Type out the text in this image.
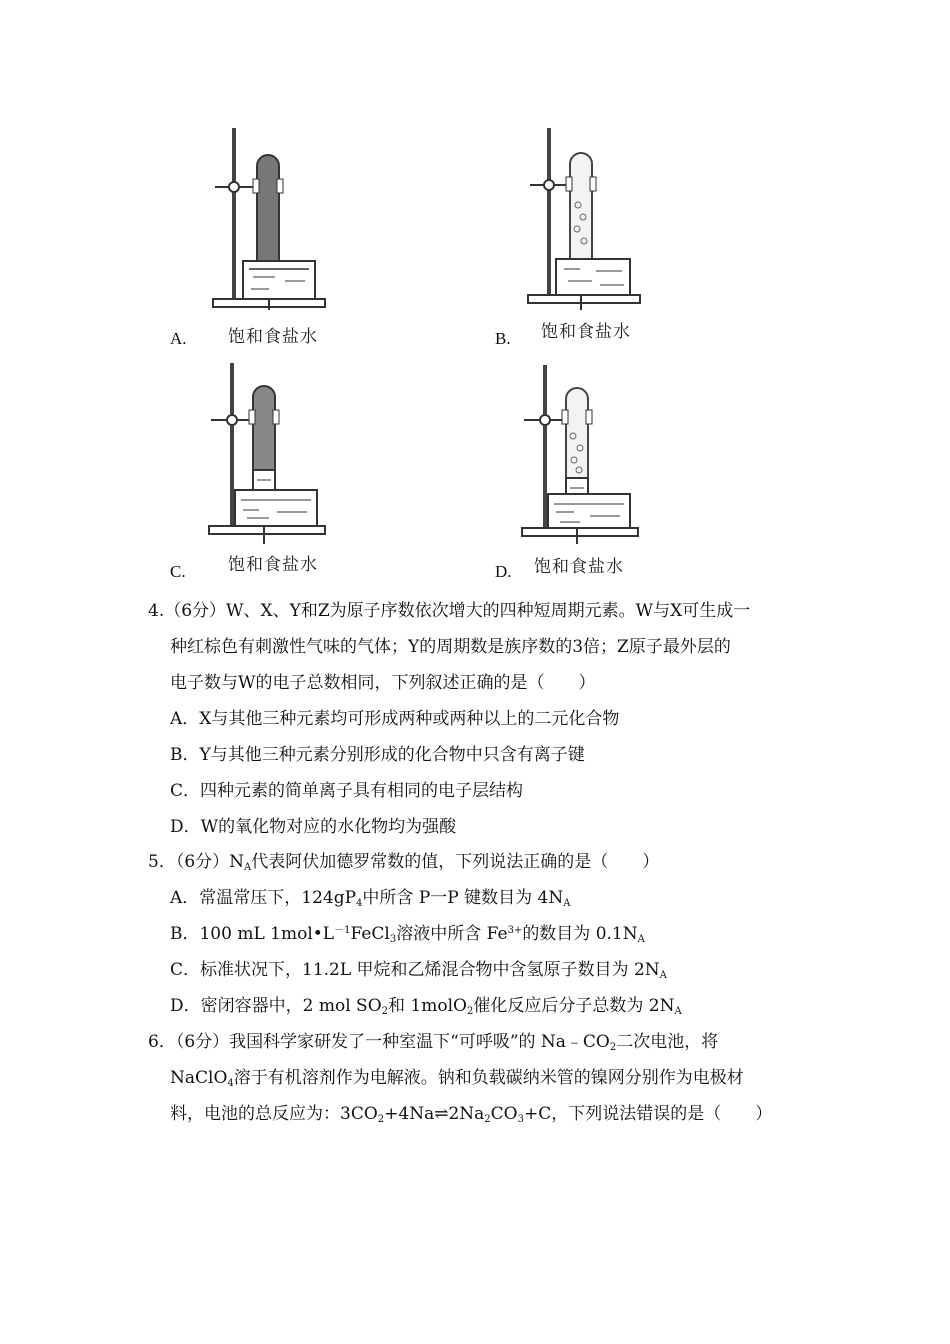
A. 饱和食盐水	B. 饱和食盐水
C. 饱和食盐水	D. 饱和食盐水
4.（6分）W、X、Y和Z为原子序数依次增大的四种短周期元素。W与X可生成一
种红棕色有刺激性气味的气体；Y的周期数是族序数的3倍；Z原子最外层的
电子数与W的电子总数相同，下列叙述正确的是（　　）
A．X与其他三种元素均可形成两种或两种以上的二元化合物
B．Y与其他三种元素分别形成的化合物中只含有离子键
C．四种元素的简单离子具有相同的电子层结构
D．W的氧化物对应的水化物均为强酸
5．（6分）$N_A$代表阿伏加德罗常数的值，下列说法正确的是（　　）
A．常温常压下，$124gP_4$中所含 P一P 键数目为 $4N_A$
B．100 mL $1mol•L^{-1}FeCl_3$溶液中所含 $Fe^{3+}$的数目为 $0.1N_A$
C．标准状况下，11.2L 甲烷和乙烯混合物中含氢原子数目为 $2N_A$
D．密闭容器中，2 mol $SO_2$和 1molO$_2$催化反应后分子总数为 $2N_A$
6．（6分）我国科学家研发了一种室温下“可呼吸”的 $Na﹣CO_2$二次电池，将
NaClO$_4$溶于有机溶剂作为电解液。钠和负载碳纳米管的镍网分别作为电极材
料，电池的总反应为：$3CO_2+4Na\rightleftharpoons 2Na_2CO_3+C$，下列说法错误的是（　　）
